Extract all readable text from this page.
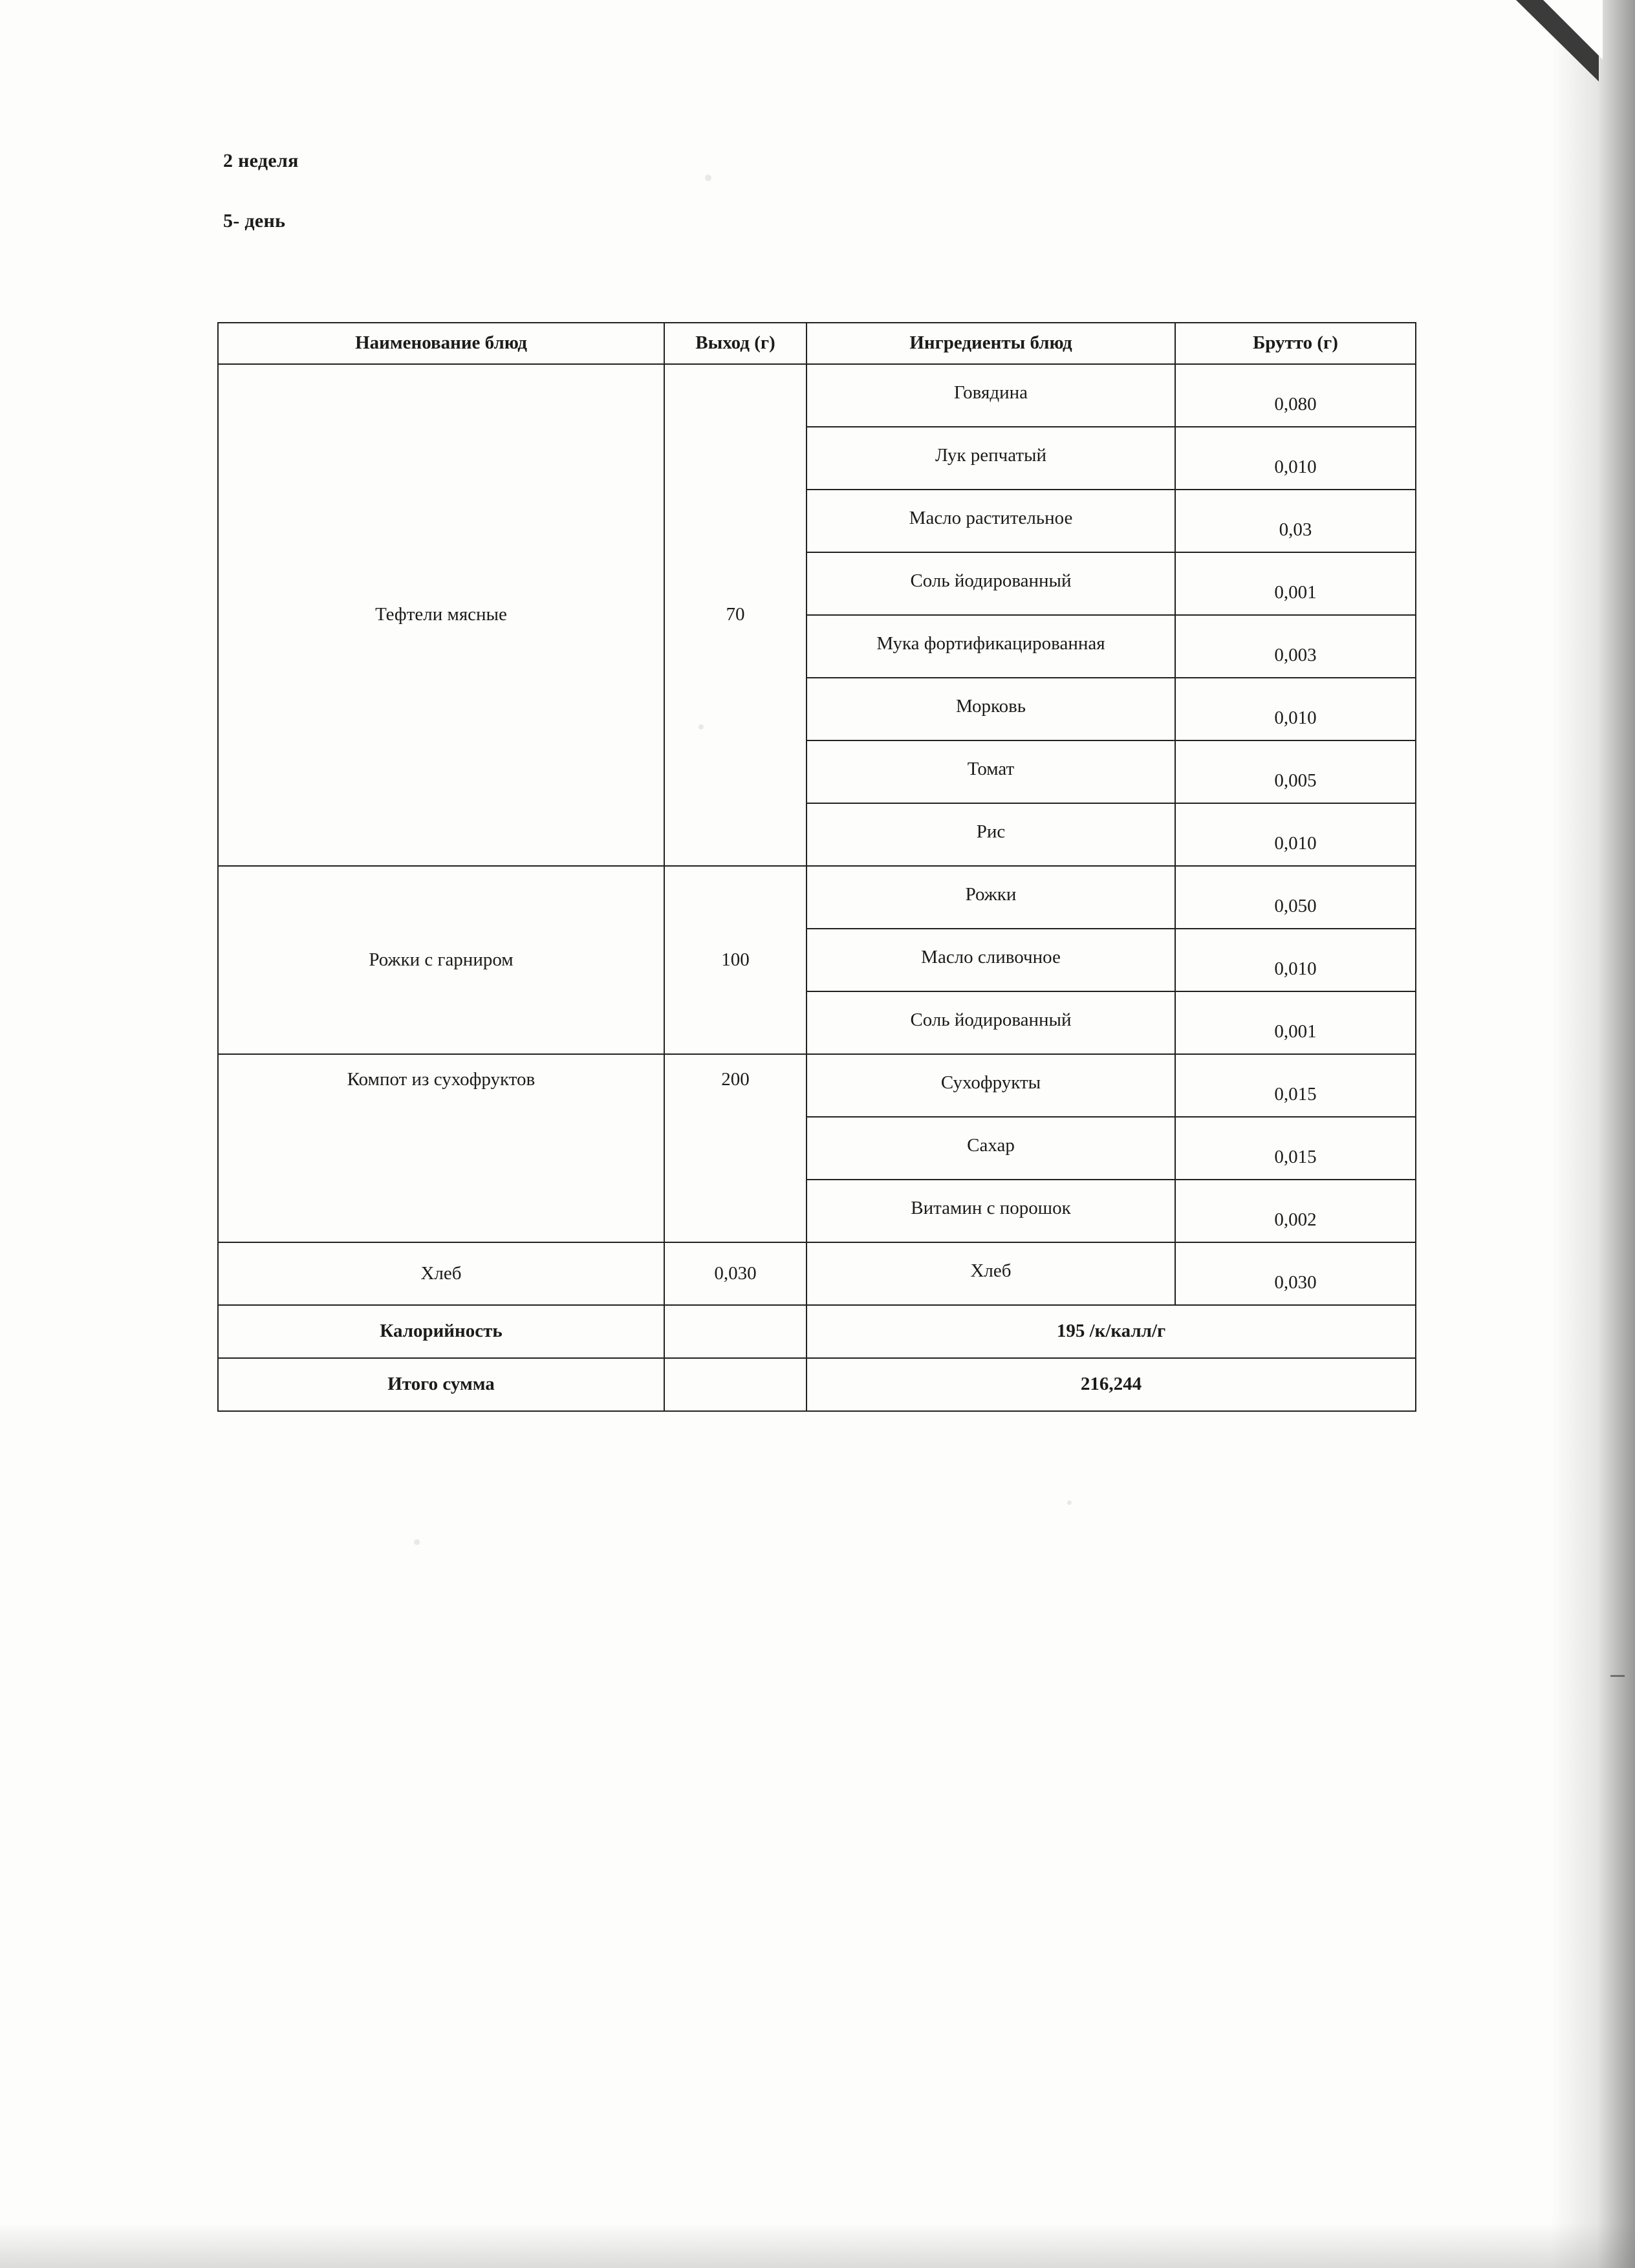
2 неделя
5- день
Наименование блюд	Выход (г)	Ингредиенты блюд	Брутто (г)
Тефтели мясные	70	Говядина	0,080
		Лук репчатый	0,010
		Масло растительное	0,03
		Соль йодированный	0,001
		Мука фортификацированная	0,003
		Морковь	0,010
		Томат	0,005
		Рис	0,010
Рожки с гарниром	100	Рожки	0,050
		Масло сливочное	0,010
		Соль йодированный	0,001
Компот из сухофруктов	200	Сухофрукты	0,015
		Сахар	0,015
		Витамин с порошок	0,002
Хлеб	0,030	Хлеб	0,030
Калорийность		195 /к/калл/г	
Итого сумма		216,244	
